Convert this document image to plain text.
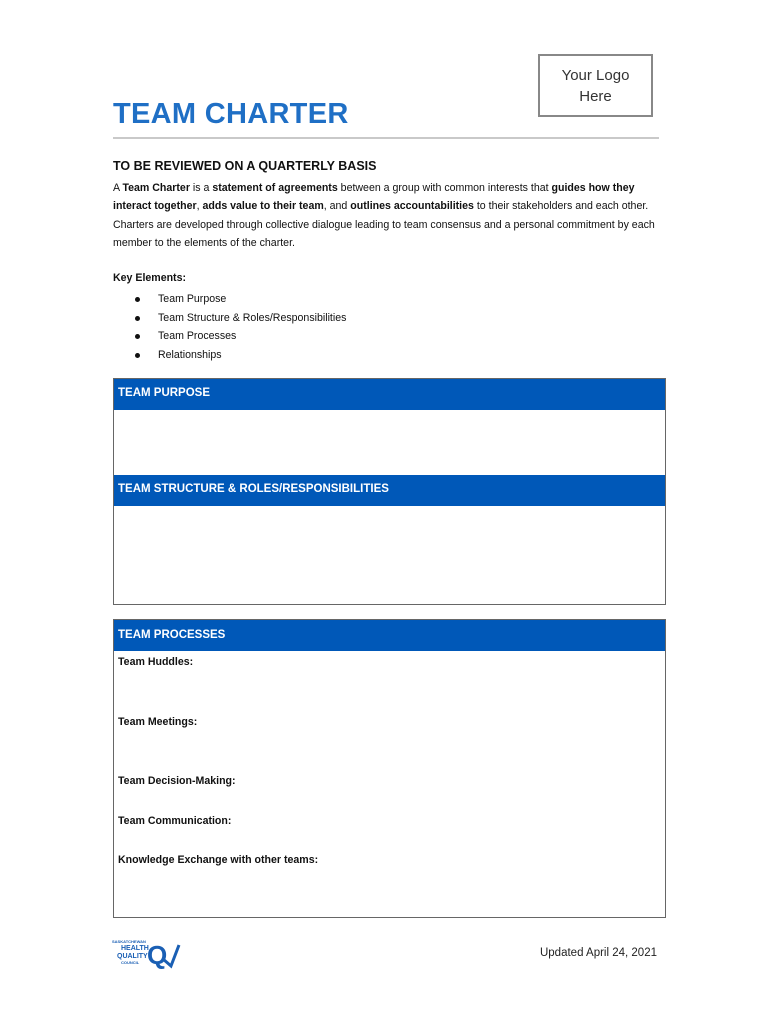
Your Logo
Here
TEAM CHARTER
TO BE REVIEWED ON A QUARTERLY BASIS
A Team Charter is a statement of agreements between a group with common interests that guides how they interact together, adds value to their team, and outlines accountabilities to their stakeholders and each other. Charters are developed through collective dialogue leading to team consensus and a personal commitment by each member to the elements of the charter.
Key Elements:
Team Purpose
Team Structure & Roles/Responsibilities
Team Processes
Relationships
TEAM PURPOSE
TEAM STRUCTURE & ROLES/RESPONSIBILITIES
TEAM PROCESSES
Team Huddles:
Team Meetings:
Team Decision-Making:
Team Communication:
Knowledge Exchange with other teams:
SASKATCHEWAN
HEALTH
QUALITY
COUNCIL Q	Updated April 24, 2021
